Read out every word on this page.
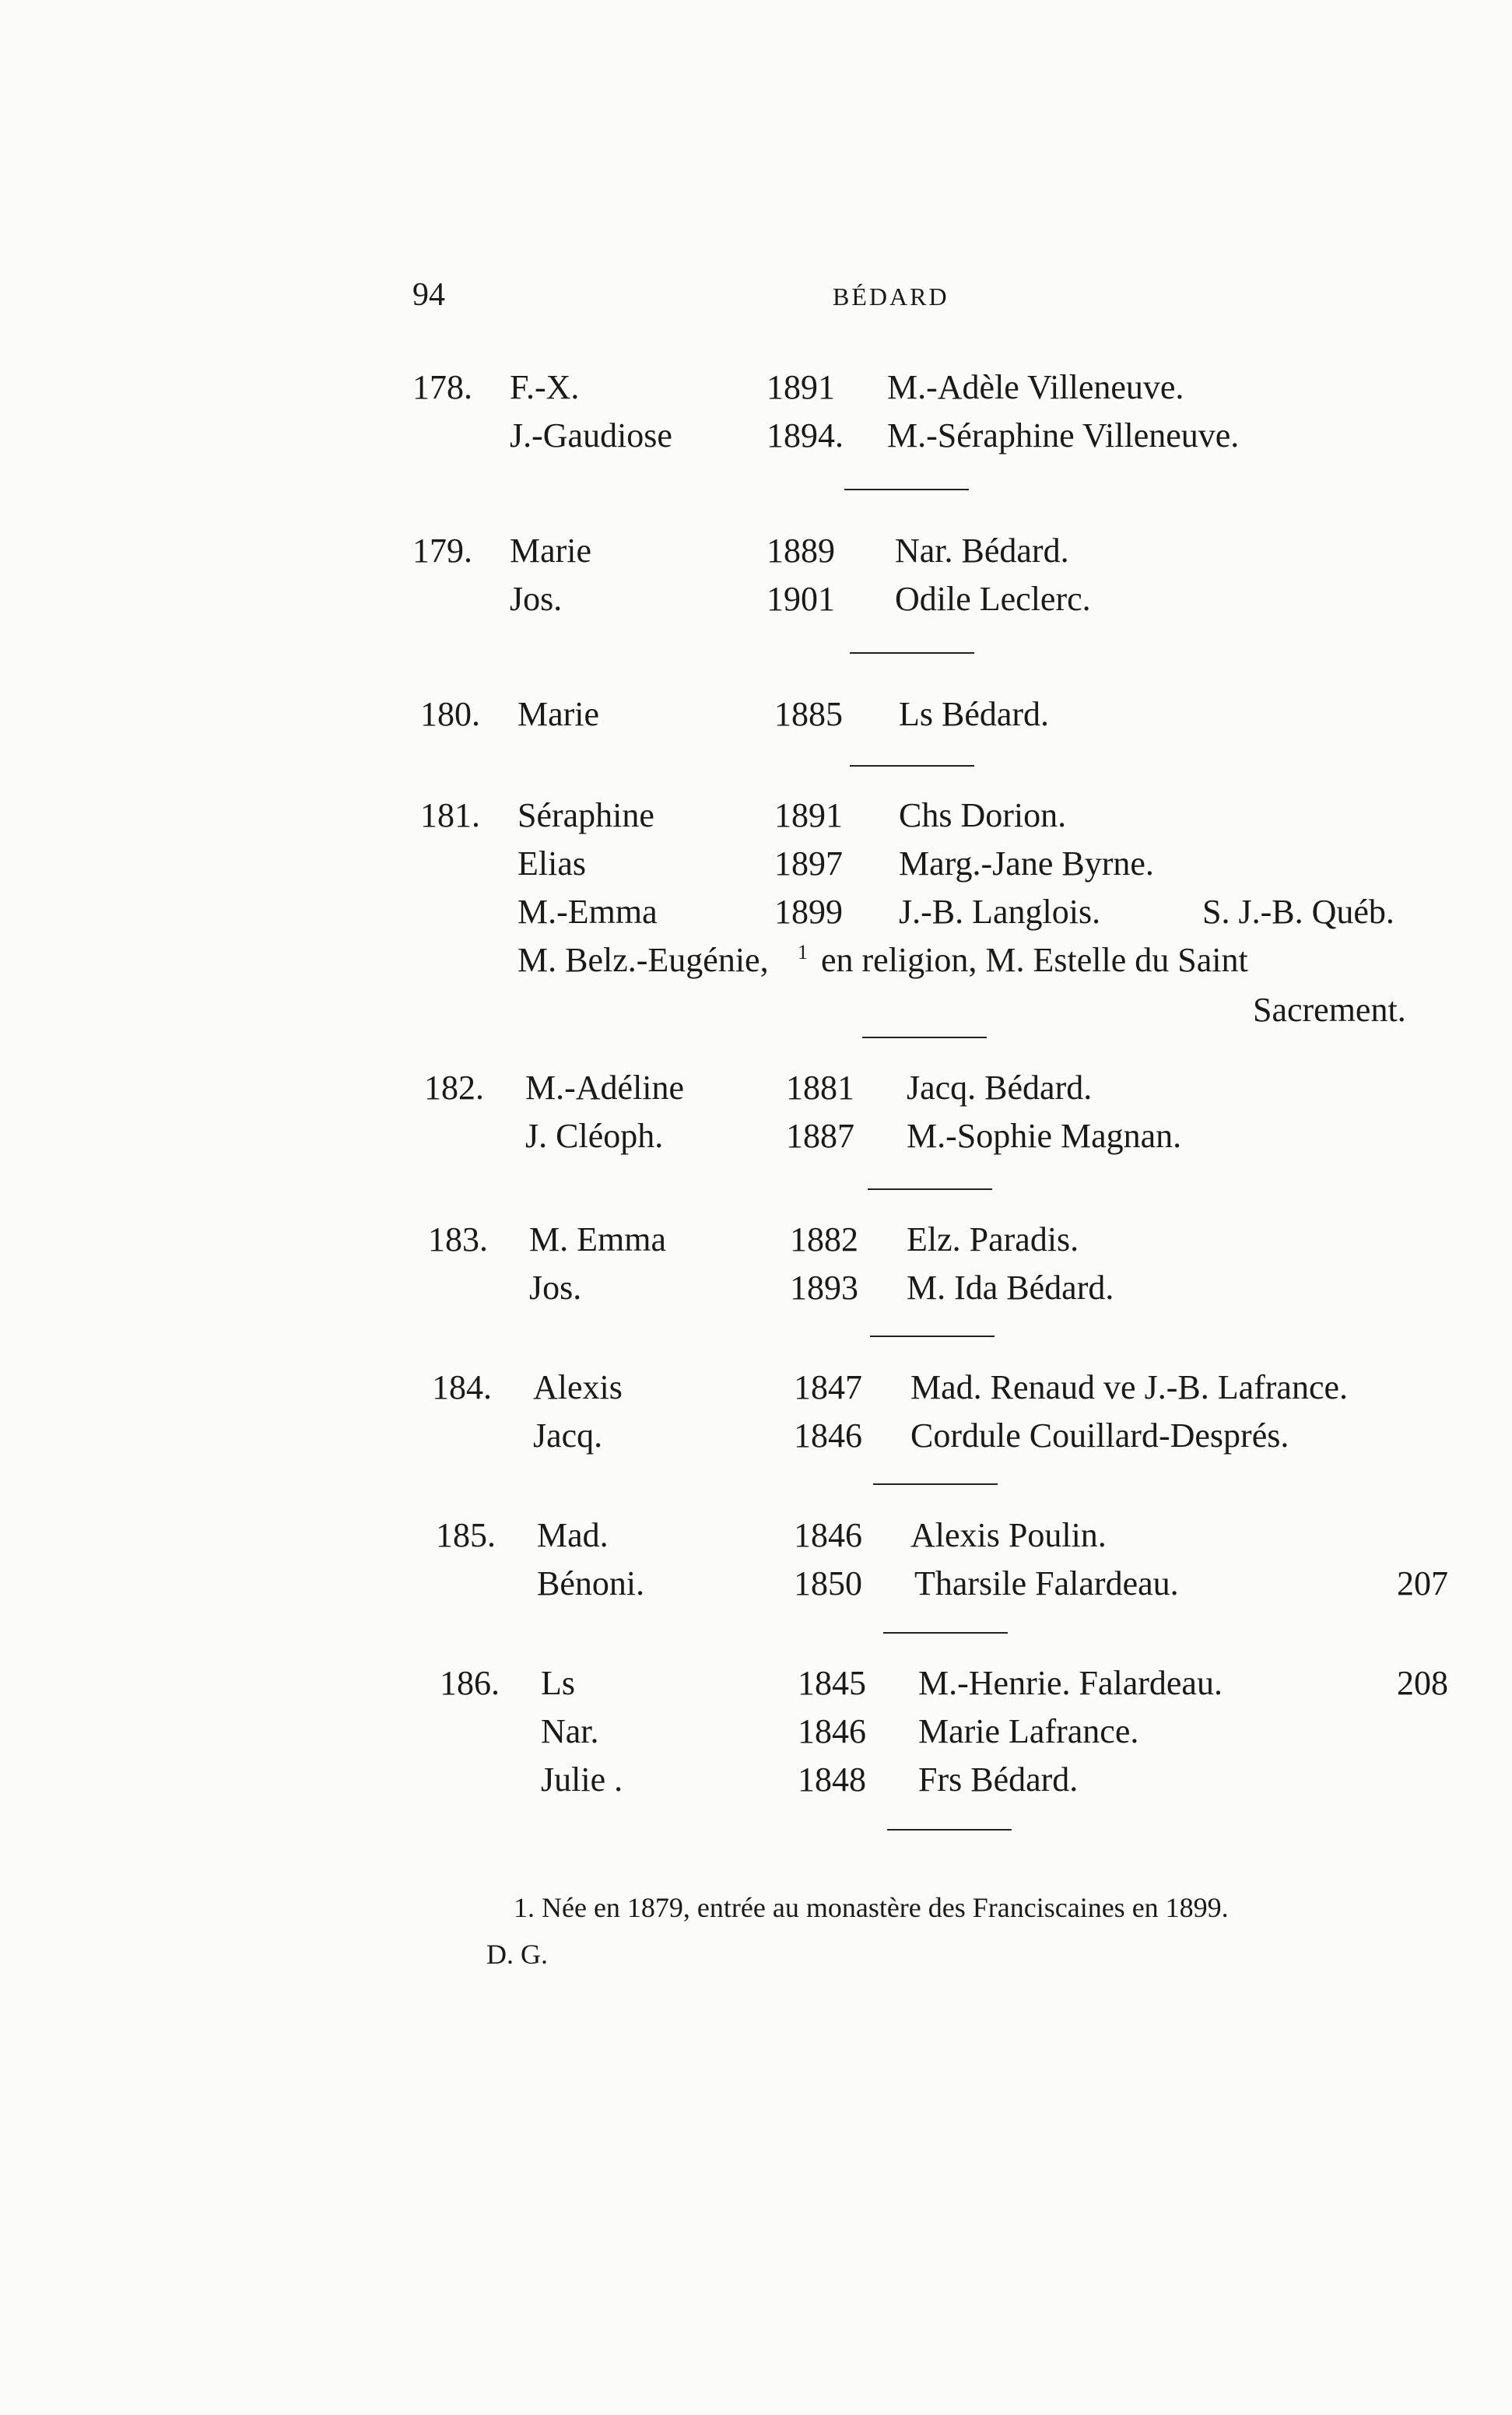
94	BÉDARD
178. F.-X.	1891 M.-Adèle Villeneuve.
J.-Gaudiose	1894. M.-Séraphine Villeneuve.
179. Marie	1889 Nar. Bédard.
Jos.	1901 Odile Leclerc.
180. Marie	1885 Ls Bédard.
181. Séraphine	1891 Chs Dorion.
Elias	1897 Marg.-Jane Byrne.
M.-Emma	1899 J.-B. Langlois.	S. J.-B. Québ.
M. Belz.-Eugénie, 1 en religion, M. Estelle du Saint
Sacrement.
182. M.-Adéline	1881 Jacq. Bédard.
J. Cléoph.	1887 M.-Sophie Magnan.
183. M. Emma	1882 Elz. Paradis.
Jos.	1893 M. Ida Bédard.
184. Alexis	1847 Mad. Renaud ve J.-B. Lafrance.
Jacq.	1846 Cordule Couillard-Després.
185. Mad.	1846 Alexis Poulin.
Bénoni.	1850 Tharsile Falardeau.	207
186. Ls	1845 M.-Henrie. Falardeau.	208
Nar.	1846 Marie Lafrance.
Julie .	1848 Frs Bédard.
1. Née en 1879, entrée au monastère des Franciscaines en 1899.
D. G.
